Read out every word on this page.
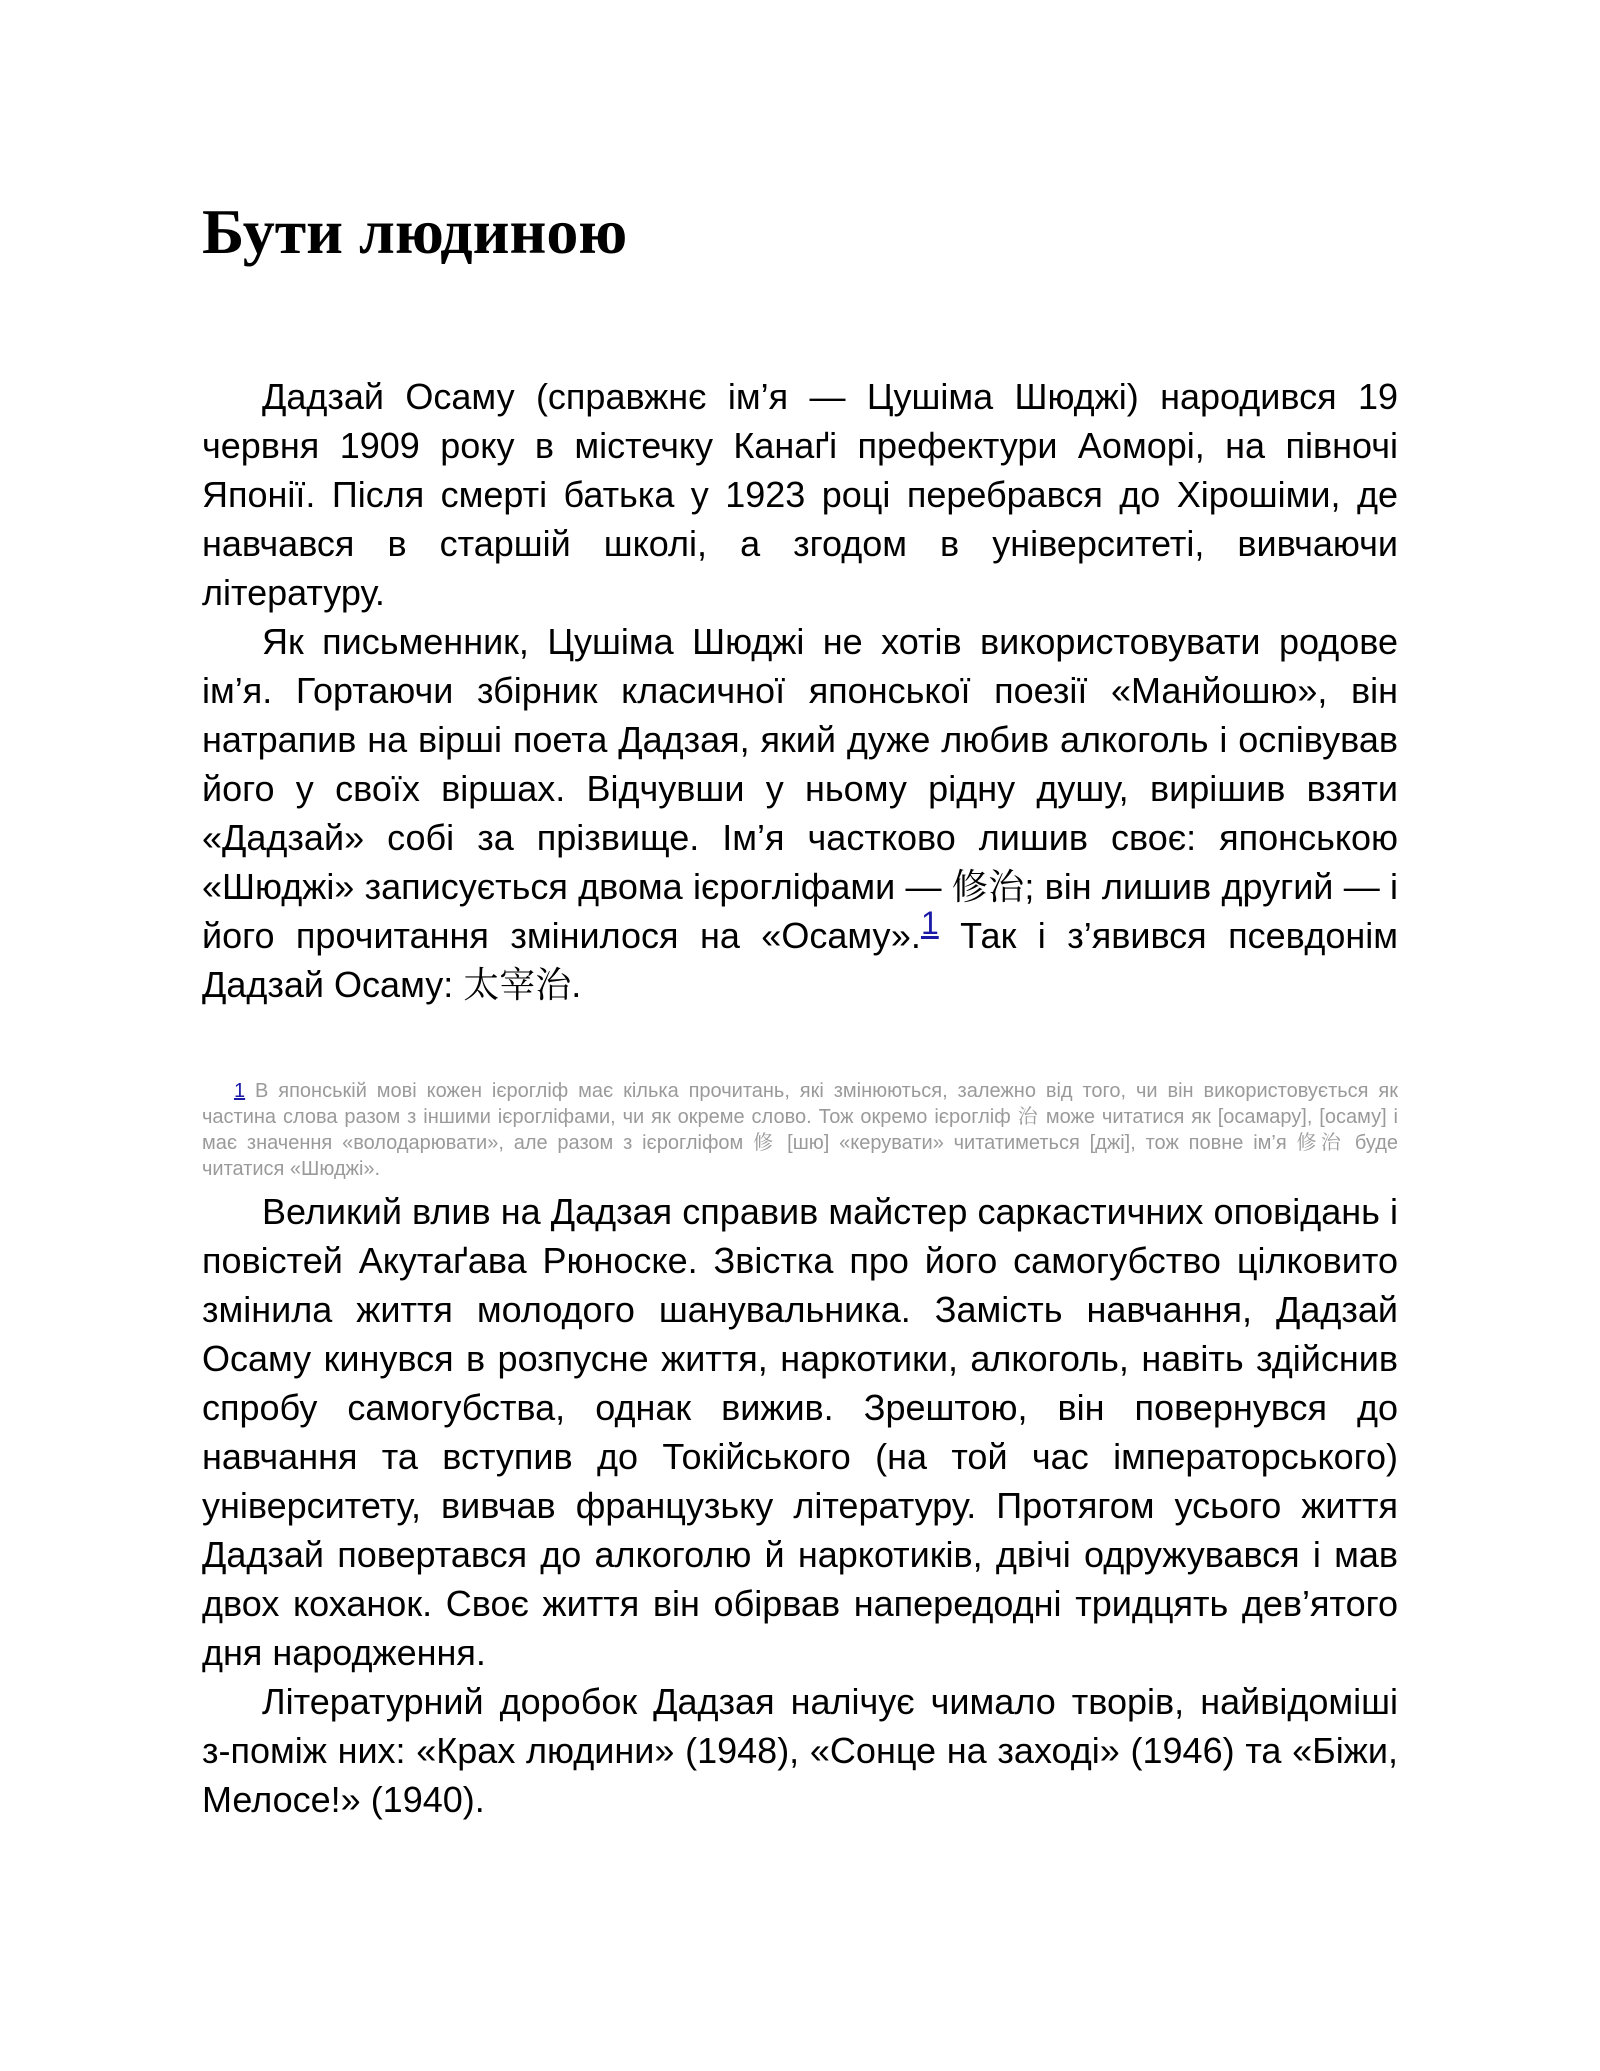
Бути людиною

Дадзай Осаму (справжнє ім’я — Цушіма Шюджі) народився 19 червня 1909 року в містечку Канаґі префектури Аоморі, на півночі Японії. Після смерті батька у 1923 році перебрався до Хірошіми, де навчався в старшій школі, а згодом в університеті, вивчаючи літературу.

Як письменник, Цушіма Шюджі не хотів використовувати родове ім’я. Гортаючи збірник класичної японської поезії «Манйошю», він натрапив на вірші поета Дадзая, який дуже любив алкоголь і оспівував його у своїх віршах. Відчувши у ньому рідну душу, вирішив взяти «Дадзай» собі за прізвище. Ім’я частково лишив своє: японською «Шюджі» записується двома ієрогліфами — 修治; він лишив другий — і його прочитання змінилося на «Осаму».1 Так і з’явився псевдонім Дадзай Осаму: 太宰治.

1 В японській мові кожен ієрогліф має кілька прочитань, які змінюються, залежно від того, чи він використовується як частина слова разом з іншими ієрогліфами, чи як окреме слово. Тож окремо ієрогліф 治 може читатися як [осамару], [осаму] і має значення «володарювати», але разом з ієрогліфом 修 [шю] «керувати» читатиметься [джі], тож повне ім’я 修治 буде читатися «Шюджі».

Великий влив на Дадзая справив майстер саркастичних оповідань і повістей Акутаґава Рюноске. Звістка про його самогубство цілковито змінила життя молодого шанувальника. Замість навчання, Дадзай Осаму кинувся в розпусне життя, наркотики, алкоголь, навіть здійснив спробу самогубства, однак вижив. Зрештою, він повернувся до навчання та вступив до Токійського (на той час імператорського) університету, вивчав французьку літературу. Протягом усього життя Дадзай повертався до алкоголю й наркотиків, двічі одружувався і мав двох коханок. Своє життя він обірвав напередодні тридцять дев’ятого дня народження.

Літературний доробок Дадзая налічує чимало творів, найвідоміші з-поміж них: «Крах людини» (1948), «Сонце на заході» (1946) та «Біжи, Мелосе!» (1940).
